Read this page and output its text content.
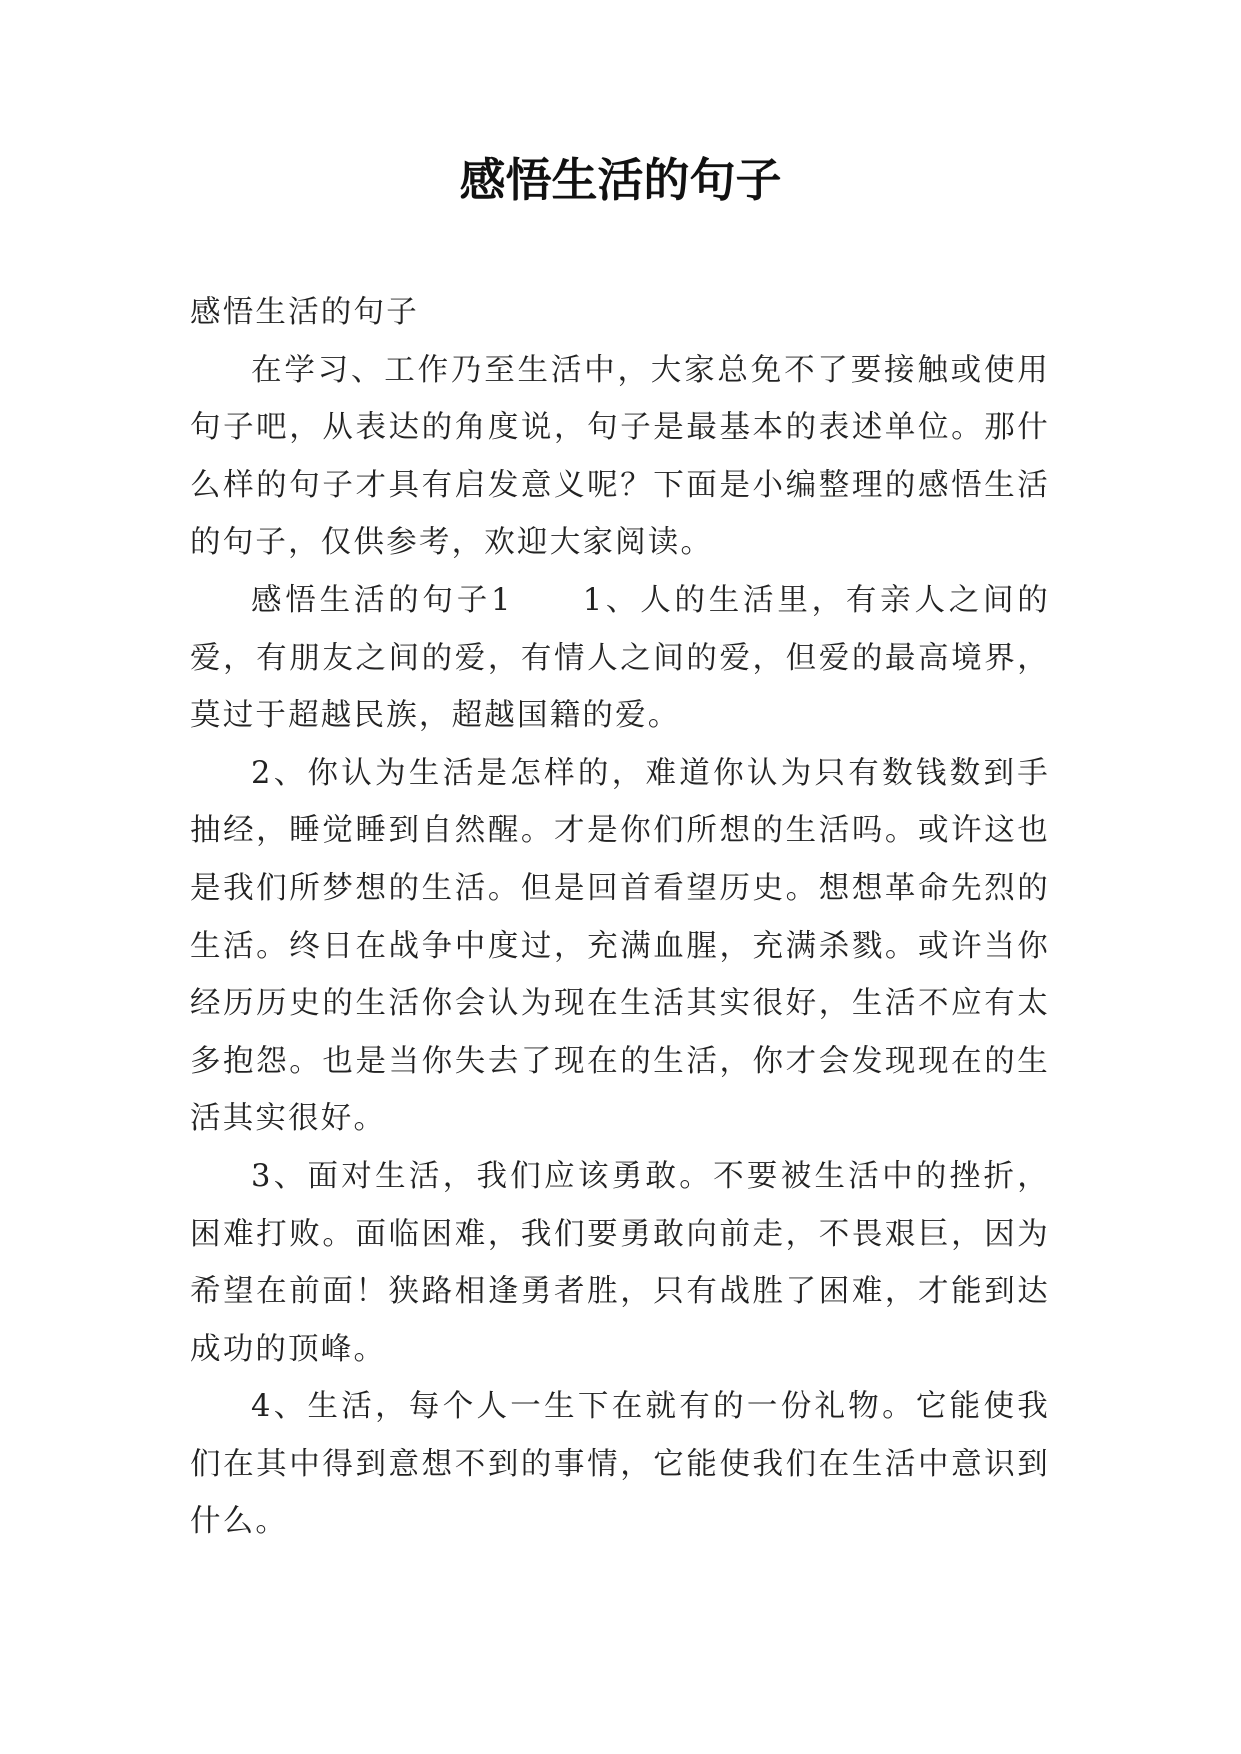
感悟生活的句子

感悟生活的句子

在学习、工作乃至生活中，大家总免不了要接触或使用句子吧，从表达的角度说，句子是最基本的表述单位。那什么样的句子才具有启发意义呢？下面是小编整理的感悟生活的句子，仅供参考，欢迎大家阅读。

感悟生活的句子1　　1、人的生活里，有亲人之间的爱，有朋友之间的爱，有情人之间的爱，但爱的最高境界，莫过于超越民族，超越国籍的爱。

2、你认为生活是怎样的，难道你认为只有数钱数到手抽经，睡觉睡到自然醒。才是你们所想的生活吗。或许这也是我们所梦想的生活。但是回首看望历史。想想革命先烈的生活。终日在战争中度过，充满血腥，充满杀戮。或许当你经历历史的生活你会认为现在生活其实很好，生活不应有太多抱怨。也是当你失去了现在的生活，你才会发现现在的生活其实很好。

3、面对生活，我们应该勇敢。不要被生活中的挫折，困难打败。面临困难，我们要勇敢向前走，不畏艰巨，因为希望在前面！狭路相逢勇者胜，只有战胜了困难，才能到达成功的顶峰。

4、生活，每个人一生下在就有的一份礼物。它能使我们在其中得到意想不到的事情，它能使我们在生活中意识到什么。
